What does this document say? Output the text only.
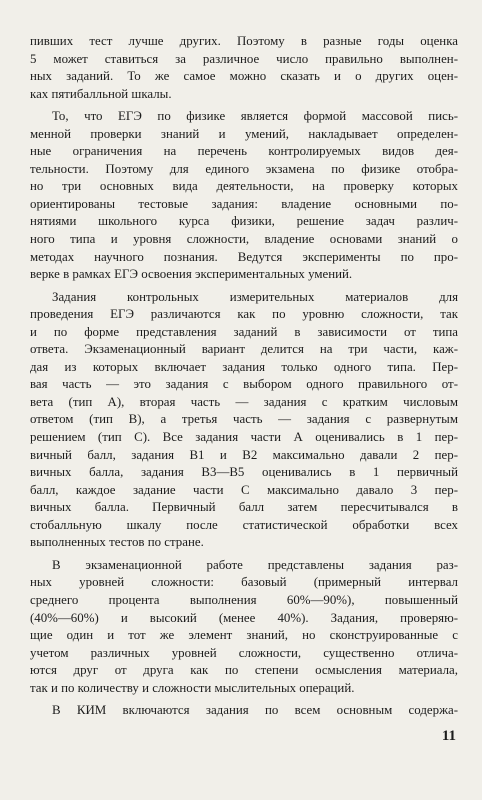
пивших тест лучше других. Поэтому в разные годы оценка
5 может ставиться за различное число правильно выполнен-
ных заданий. То же самое можно сказать и о других оцен-
ках пятибалльной шкалы.
То, что ЕГЭ по физике является формой массовой пись-
менной проверки знаний и умений, накладывает определен-
ные ограничения на перечень контролируемых видов дея-
тельности. Поэтому для единого экзамена по физике отобра-
но три основных вида деятельности, на проверку которых
ориентированы тестовые задания: владение основными по-
нятиями школьного курса физики, решение задач различ-
ного типа и уровня сложности, владение основами знаний о
методах научного познания. Ведутся эксперименты по про-
верке в рамках ЕГЭ освоения экспериментальных умений.
Задания контрольных измерительных материалов для
проведения ЕГЭ различаются как по уровню сложности, так
и по форме представления заданий в зависимости от типа
ответа. Экзаменационный вариант делится на три части, каж-
дая из которых включает задания только одного типа. Пер-
вая часть — это задания с выбором одного правильного от-
вета (тип А), вторая часть — задания с кратким числовым
ответом (тип В), а третья часть — задания с развернутым
решением (тип С). Все задания части А оценивались в 1 пер-
вичный балл, задания В1 и В2 максимально давали 2 пер-
вичных балла, задания В3—В5 оценивались в 1 первичный
балл, каждое задание части С максимально давало 3 пер-
вичных балла. Первичный балл затем пересчитывался в
стобалльную шкалу после статистической обработки всех
выполненных тестов по стране.
В экзаменационной работе представлены задания раз-
ных уровней сложности: базовый (примерный интервал
среднего процента выполнения 60%—90%), повышенный
(40%—60%) и высокий (менее 40%). Задания, проверяю-
щие один и тот же элемент знаний, но сконструированные с
учетом различных уровней сложности, существенно отлича-
ются друг от друга как по степени осмысления материала,
так и по количеству и сложности мыслительных операций.
В КИМ включаются задания по всем основным содержа-
11
